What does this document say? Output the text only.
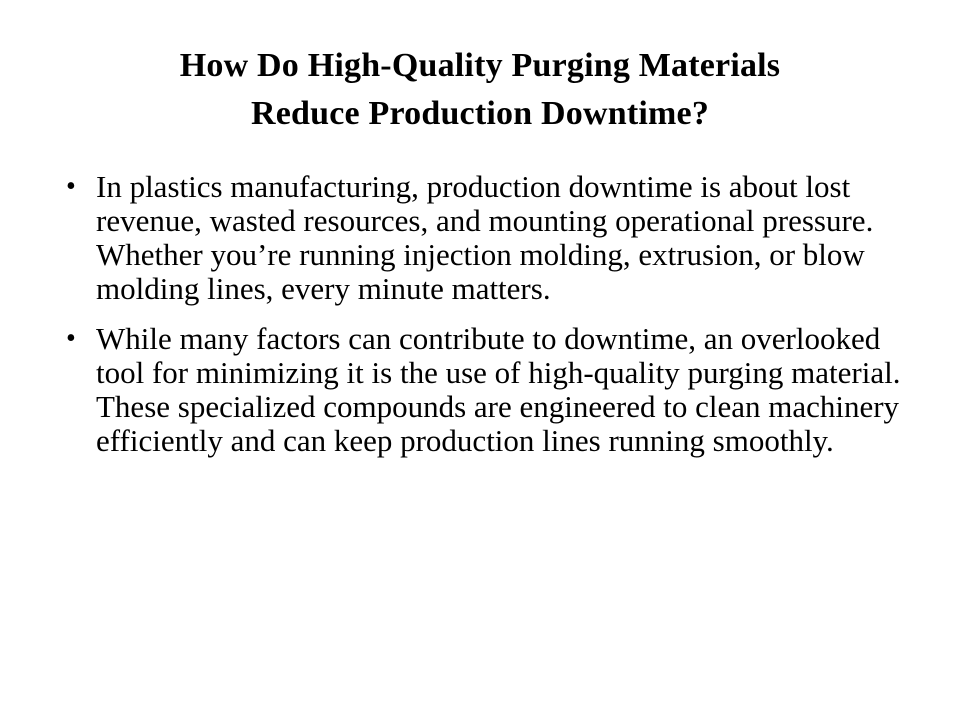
How Do High-Quality Purging Materials
Reduce Production Downtime?
• In plastics manufacturing, production downtime is about lost revenue, wasted resources, and mounting operational pressure. Whether you’re running injection molding, extrusion, or blow molding lines, every minute matters.
• While many factors can contribute to downtime, an overlooked tool for minimizing it is the use of high-quality purging material. These specialized compounds are engineered to clean machinery efficiently and can keep production lines running smoothly.
